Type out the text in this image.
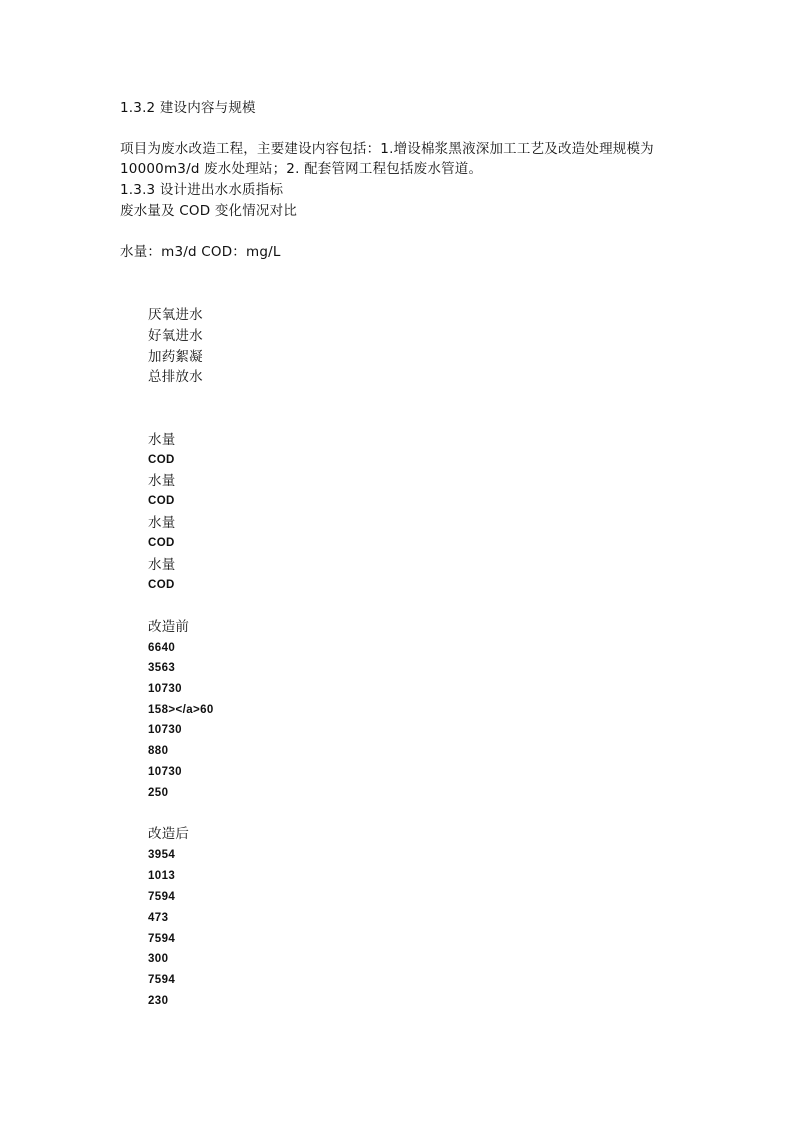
1.3.2 建设内容与规模
项目为废水改造工程，主要建设内容包括：1.增设棉浆黑液深加工工艺及改造处理规模为
10000m3/d 废水处理站；2. 配套管网工程包括废水管道。
1.3.3 设计进出水水质指标
废水量及 COD 变化情况对比
水量：m3/d COD：mg/L
厌氧进水
好氧进水
加药絮凝
总排放水
水量
COD
水量
COD
水量
COD
水量
COD
改造前
6640
3563
10730
158></a>60
10730
880
10730
250
改造后
3954
1013
7594
473
7594
300
7594
230
